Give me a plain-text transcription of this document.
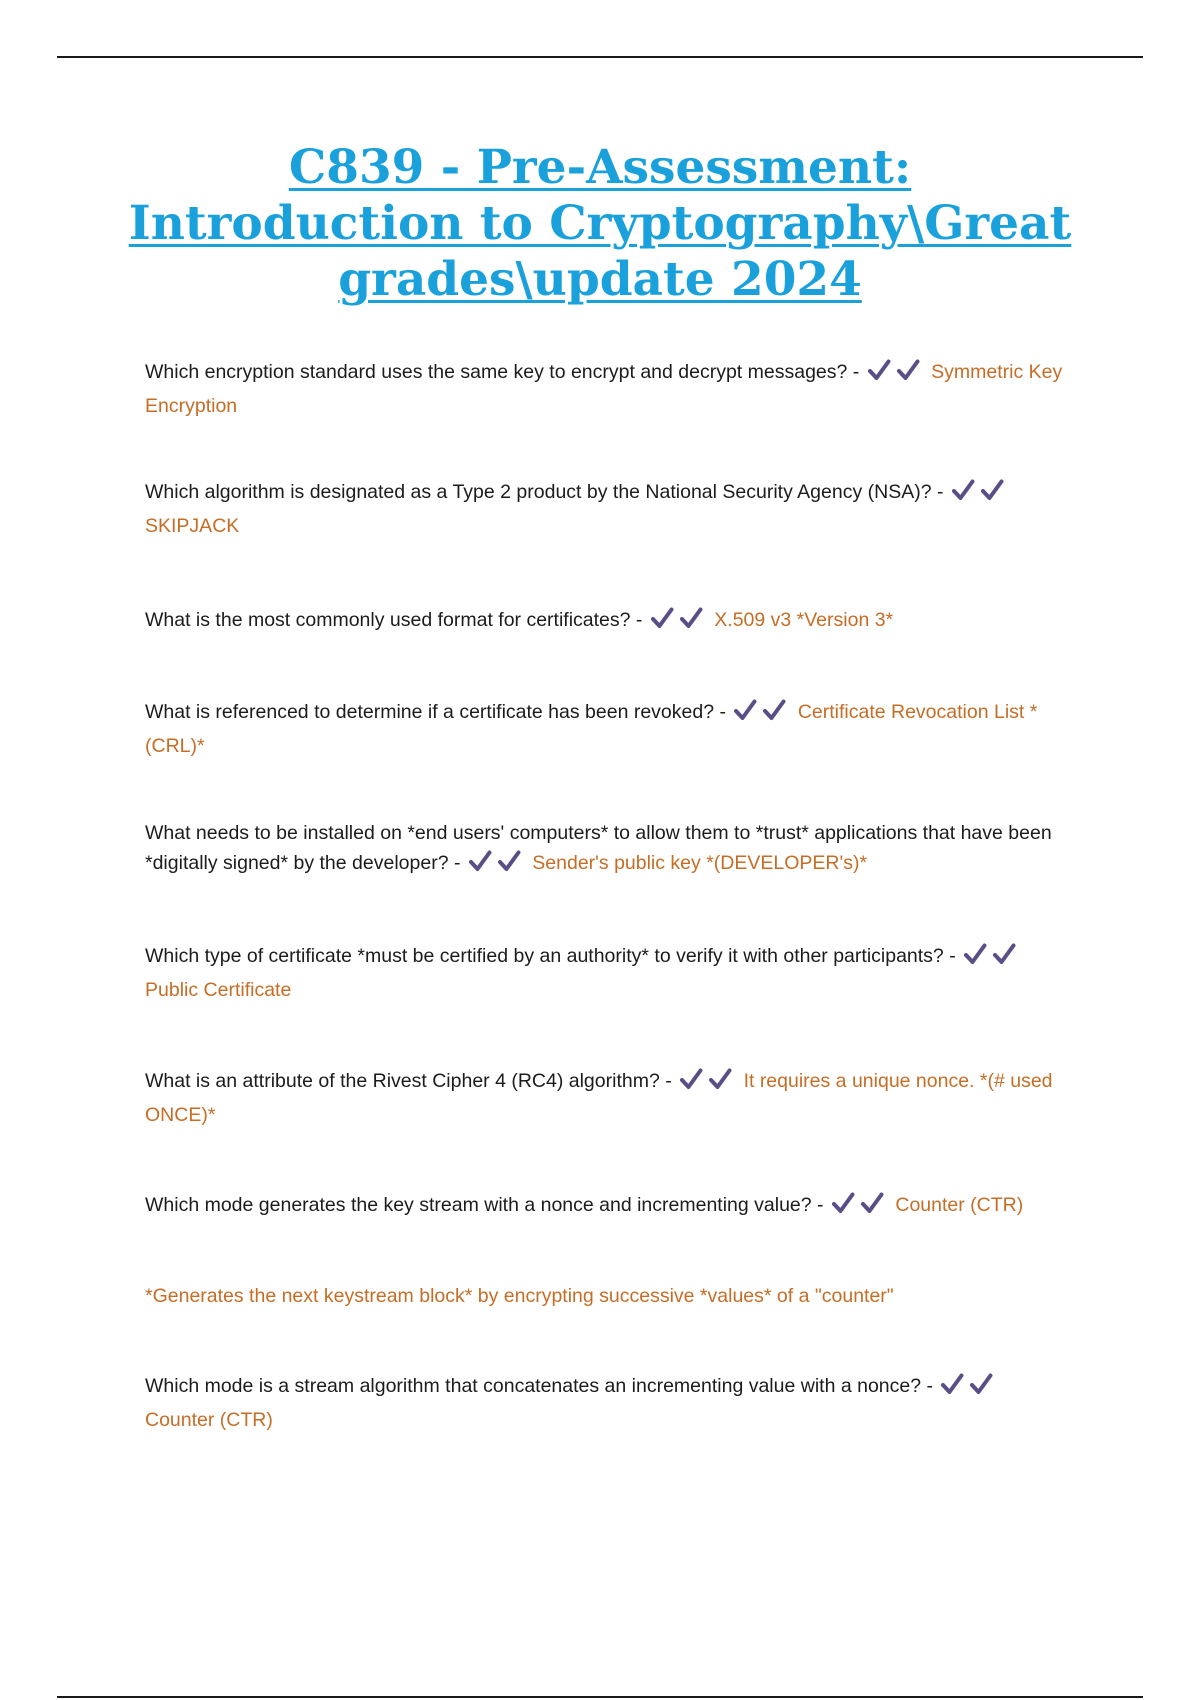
C839 - Pre-Assessment:
Introduction to Cryptography\Great
grades\update 2024
Which encryption standard uses the same key to encrypt and decrypt messages? -	Symmetric Key Encryption
Which algorithm is designated as a Type 2 product by the National Security Agency (NSA)? -
SKIPJACK
What is the most commonly used format for certificates? -	X.509 v3 *Version 3*
What is referenced to determine if a certificate has been revoked? -	Certificate Revocation List *(CRL)*
What needs to be installed on *end users' computers* to allow them to *trust* applications that have been *digitally signed* by the developer? -	Sender's public key *(DEVELOPER's)*
Which type of certificate *must be certified by an authority* to verify it with other participants? -
Public Certificate
What is an attribute of the Rivest Cipher 4 (RC4) algorithm? -	It requires a unique nonce. *(# used ONCE)*
Which mode generates the key stream with a nonce and incrementing value? -	Counter (CTR)
*Generates the next keystream block* by encrypting successive *values* of a "counter"
Which mode is a stream algorithm that concatenates an incrementing value with a nonce? -
Counter (CTR)
